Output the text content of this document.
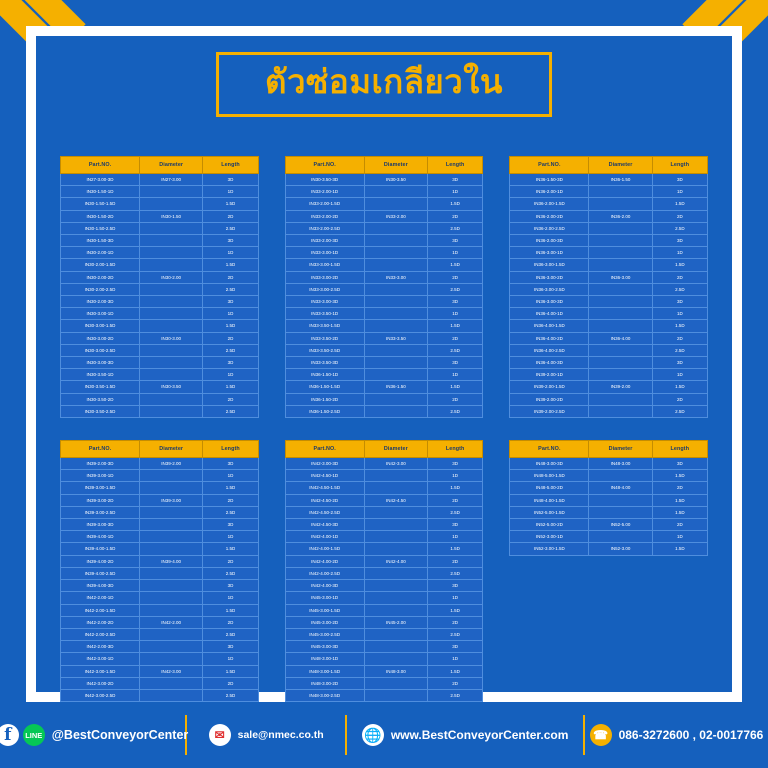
ตัวซ่อมเกลียวใน
Part.NO.	Diameter	Length
IN27-3.00-3D	IN27-3.00	3D
IN30-1.50-1D		1D
IN30-1.50-1.5D		1.5D
IN30-1.50-2D	IN30-1.50	2D
IN30-1.50-2.5D		2.5D
IN30-1.50-3D		3D
IN30-2.00-1D		1D
IN30-2.00-1.5D		1.5D
IN30-2.00-2D	IN30-2.00	2D
IN30-2.00-2.5D		2.5D
IN30-2.00-3D		3D
IN30-3.00-1D		1D
IN30-3.00-1.5D		1.5D
IN30-3.00-2D	IN30-3.00	2D
IN30-3.00-2.5D		2.5D
IN30-3.00-3D		3D
IN30-3.50-1D		1D
IN30-3.50-1.5D	IN30-3.50	1.5D
IN30-3.50-2D		2D
IN30-3.50-2.5D		2.5D
Part.NO.	Diameter	Length
IN30-3.50-3D	IN30-3.50	3D
IN33-2.00-1D		1D
IN33-2.00-1.5D		1.5D
IN33-2.00-2D	IN33-2.00	2D
IN33-2.00-2.5D		2.5D
IN33-2.00-3D		3D
IN33-3.00-1D		1D
IN33-3.00-1.5D		1.5D
IN33-3.00-2D	IN33-3.00	2D
IN33-3.00-2.5D		2.5D
IN33-3.00-3D		3D
IN33-3.50-1D		1D
IN33-3.50-1.5D		1.5D
IN33-3.50-2D	IN33-3.50	2D
IN33-3.50-2.5D		2.5D
IN33-3.50-3D		3D
IN36-1.50-1D		1D
IN36-1.50-1.5D	IN36-1.50	1.5D
IN36-1.50-2D		2D
IN36-1.50-2.5D		2.5D
Part.NO.	Diameter	Length
IN36-1.50-3D	IN36-1.50	3D
IN36-2.00-1D		1D
IN36-2.00-1.5D		1.5D
IN36-2.00-2D	IN36-2.00	2D
IN36-2.00-2.5D		2.5D
IN36-2.00-3D		3D
IN36-3.00-1D		1D
IN36-3.00-1.5D		1.5D
IN36-3.00-2D	IN36-3.00	2D
IN36-3.00-2.5D		2.5D
IN36-3.00-3D		3D
IN36-4.00-1D		1D
IN36-4.00-1.5D		1.5D
IN36-4.00-2D	IN36-4.00	2D
IN36-4.00-2.5D		2.5D
IN36-4.00-3D		3D
IN39-2.00-1D		1D
IN39-2.00-1.5D	IN39-2.00	1.5D
IN39-2.00-2D		2D
IN39-2.00-2.5D		2.5D
Part.NO.	Diameter	Length
IN39-2.00-3D	IN39-2.00	3D
IN39-3.00-1D		1D
IN39-3.00-1.5D		1.5D
IN39-3.00-2D	IN39-3.00	2D
IN39-3.00-2.5D		2.5D
IN39-3.00-3D		3D
IN39-4.00-1D		1D
IN39-4.00-1.5D		1.5D
IN39-4.00-2D	IN39-4.00	2D
IN39-4.00-2.5D		2.5D
IN39-4.00-3D		3D
IN42-2.00-1D		1D
IN42-2.00-1.5D		1.5D
IN42-2.00-2D	IN42-2.00	2D
IN42-2.00-2.5D		2.5D
IN42-2.00-3D		3D
IN42-3.00-1D		1D
IN42-3.00-1.5D	IN42-3.00	1.5D
IN42-3.00-2D		2D
IN42-3.00-2.5D		2.5D
Part.NO.	Diameter	Length
IN42-3.00-3D	IN42-3.00	3D
IN42-4.50-1D		1D
IN42-4.50-1.5D		1.5D
IN42-4.50-2D	IN42-4.50	2D
IN42-4.50-2.5D		2.5D
IN42-4.50-3D		3D
IN42-4.00-1D		1D
IN42-4.00-1.5D		1.5D
IN42-4.00-2D	IN42-4.00	2D
IN42-4.00-2.5D		2.5D
IN42-4.00-3D		3D
IN45-3.00-1D		1D
IN45-3.00-1.5D		1.5D
IN45-3.00-2D	IN45-2.00	2D
IN45-3.00-2.5D		2.5D
IN45-3.00-3D		3D
IN48-3.00-1D		1D
IN48-3.00-1.5D	IN48-3.00	1.5D
IN48-3.00-2D		2D
IN48-3.00-2.5D		2.5D
Part.NO.	Diameter	Length
IN48-3.00-3D	IN48-3.00	3D
IN48-5.00-1.5D		1.5D
IN48-5.00-2D	IN48-4.00	2D
IN48-4.00-1.5D		1.5D
IN52-5.00-1.5D		1.5D
IN52-5.00-2D	IN52-5.00	2D
IN52-3.00-1D		1D
IN52-3.00-1.5D	IN52-3.00	1.5D
f	LINE @BestConveyorCenter	✉	sale@nmec.co.th	🌐 www.BestConveyorCenter.com ☎ 086-3272600 , 02-0017766
